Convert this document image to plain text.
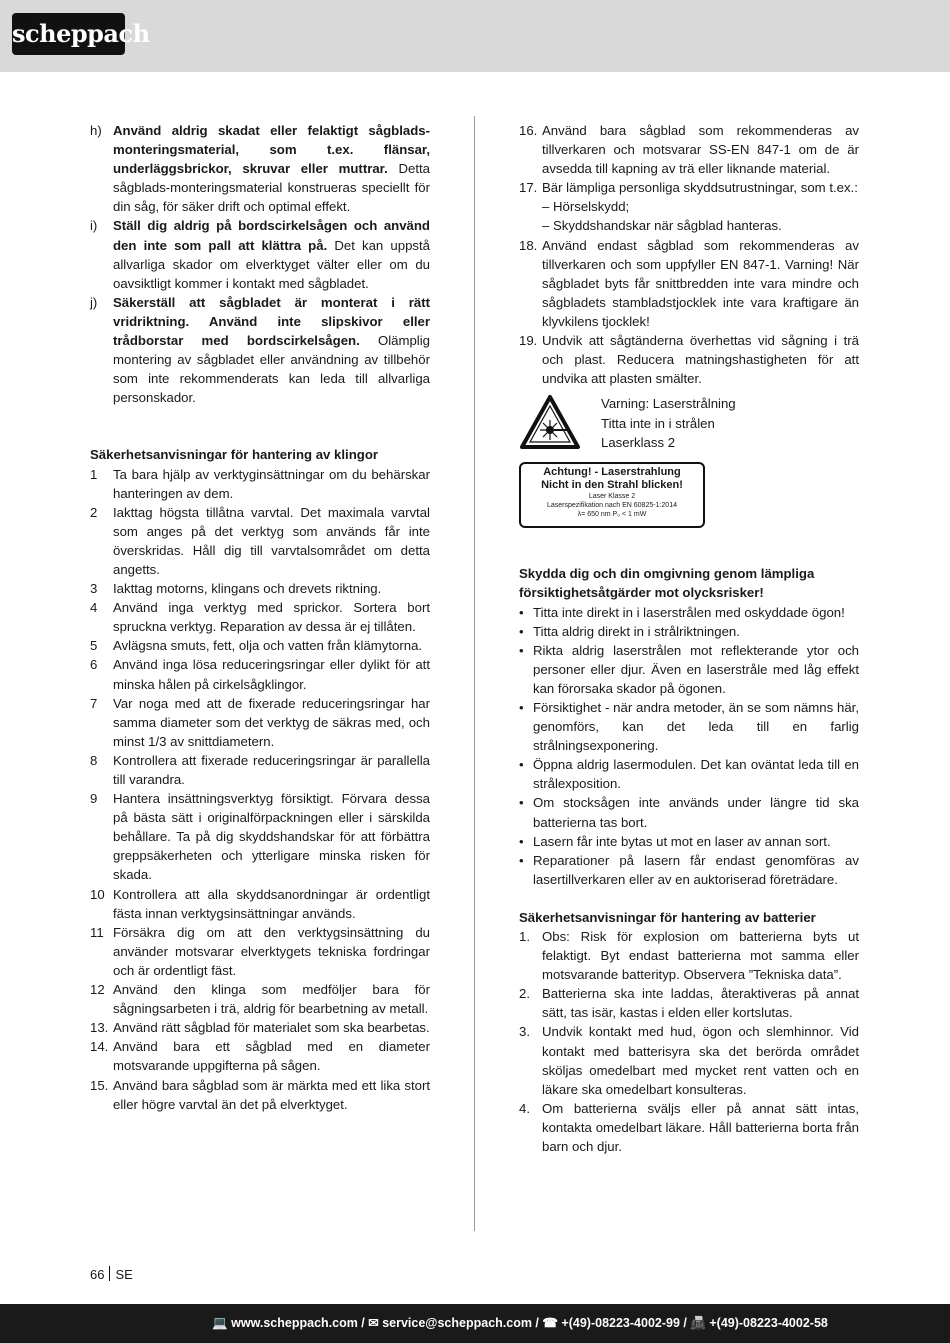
scheppach
h) Använd aldrig skadat eller felaktigt sågblads-monteringsmaterial, som t.ex. flänsar, underläggsbrickor, skruvar eller muttrar. Detta sågblads-monteringsmaterial konstrueras speciellt för din såg, för säker drift och optimal effekt.
i)	Ställ dig aldrig på bordscirkelsågen och använd den inte som pall att klättra på. Det kan uppstå allvarliga skador om elverktyget välter eller om du oavsiktligt kommer i kontakt med sågbladet.
j)	Säkerställ att sågbladet är monterat i rätt vridriktning. Använd inte slipskivor eller trådborstar med bordscirkelsågen. Olämplig montering av sågbladet eller användning av tillbehör som inte rekommenderats kan leda till allvarliga personskador.
Säkerhetsanvisningar för hantering av klingor
1	Ta bara hjälp av verktyginsättningar om du behärskar hanteringen av dem.
2	Iakttag högsta tillåtna varvtal. Det maximala varvtal som anges på det verktyg som används får inte överskridas. Håll dig till varvtalsområdet om detta angetts.
3	Iakttag motorns, klingans och drevets riktning.
4	Använd inga verktyg med sprickor. Sortera bort spruckna verktyg. Reparation av dessa är ej tillåten.
5	Avlägsna smuts, fett, olja och vatten från klämytorna.
6	Använd inga lösa reduceringsringar eller dylikt för att minska hålen på cirkelsågklingor.
7	Var noga med att de fixerade reduceringsringar har samma diameter som det verktyg de säkras med, och minst 1/3 av snittdiametern.
8	Kontrollera att fixerade reduceringsringar är parallella till varandra.
9	Hantera insättningsverktyg försiktigt. Förvara dessa på bästa sätt i originalförpackningen eller i särskilda behållare. Ta på dig skyddshandskar för att förbättra greppsäkerheten och ytterligare minska risken för skada.
10 Kontrollera att alla skyddsanordningar är ordentligt fästa innan verktygsinsättningar används.
11 Försäkra dig om att den verktygsinsättning du använder motsvarar elverktygets tekniska fordringar och är ordentligt fäst.
12 Använd den klinga som medföljer bara för sågningsarbeten i trä, aldrig för bearbetning av metall.
13. Använd rätt sågblad för materialet som ska bearbetas.
14. Använd bara ett sågblad med en diameter motsvarande uppgifterna på sågen.
15. Använd bara sågblad som är märkta med ett lika stort eller högre varvtal än det på elverktyget.
16. Använd bara sågblad som rekommenderas av tillverkaren och motsvarar SS-EN 847-1 om de är avsedda till kapning av trä eller liknande material.
17. Bär lämpliga personliga skyddsutrustningar, som t.ex.:
– Hörselskydd;
– Skyddshandskar när sågblad hanteras.
18. Använd endast sågblad som rekommenderas av tillverkaren och som uppfyller EN 847-1. Varning! När sågbladet byts får snittbredden inte vara mindre och sågbladets stambladstjocklek inte vara kraftigare än klyvkilens tjocklek!
19. Undvik att sågtänderna överhettas vid sågning i trä och plast. Reducera matningshastigheten för att undvika att plasten smälter.
Varning: Laserstrålning
Titta inte in i strålen
Laserklass 2
Achtung! - Laserstrahlung
Nicht in den Strahl blicken!
Laser Klasse 2
Laserspezifikation nach EN 60825-1:2014
λ= 650 nm P₀ < 1 mW
Skydda dig och din omgivning genom lämpliga försiktighetsåtgärder mot olycksrisker!
• Titta inte direkt in i laserstrålen med oskyddade ögon!
• Titta aldrig direkt in i strålriktningen.
• Rikta aldrig laserstrålen mot reflekterande ytor och personer eller djur. Även en laserstråle med låg effekt kan förorsaka skador på ögonen.
• Försiktighet - när andra metoder, än se som nämns här, genomförs, kan det leda till en farlig strålningsexponering.
• Öppna aldrig lasermodulen. Det kan oväntat leda till en strålexposition.
• Om stocksågen inte används under längre tid ska batterierna tas bort.
• Lasern får inte bytas ut mot en laser av annan sort.
• Reparationer på lasern får endast genomföras av lasertillverkaren eller av en auktoriserad företrädare.
Säkerhetsanvisningar för hantering av batterier
1. Obs: Risk för explosion om batterierna byts ut felaktigt. Byt endast batterierna mot samma eller motsvarande batterityp. Observera ”Tekniska data”.
2. Batterierna ska inte laddas, återaktiveras på annat sätt, tas isär, kastas i elden eller kortslutas.
3. Undvik kontakt med hud, ögon och slemhinnor. Vid kontakt med batterisyra ska det berörda området sköljas omedelbart med mycket rent vatten och en läkare ska omedelbart konsulteras.
4. Om batterierna sväljs eller på annat sätt intas, kontakta omedelbart läkare. Håll batterierna borta från barn och djur.
66 SE
💻 www.scheppach.com / ✉ service@scheppach.com / ☎ +(49)-08223-4002-99 / 📠 +(49)-08223-4002-58
